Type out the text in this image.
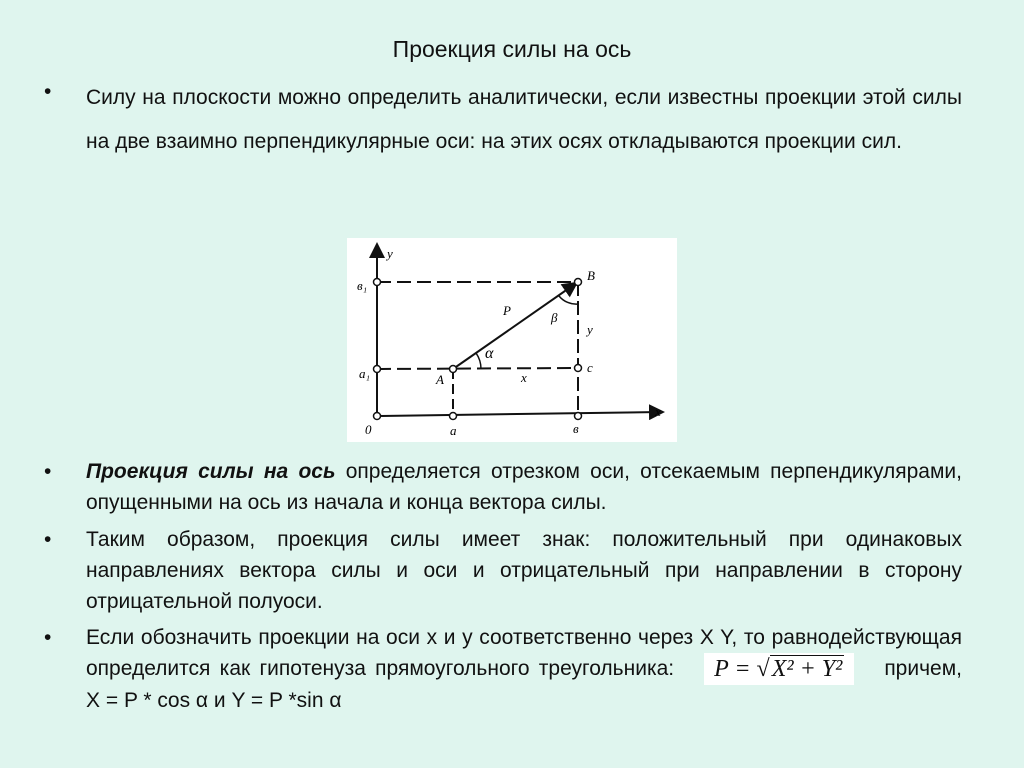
Проекция силы на ось
•	Силу на плоскости можно определить аналитически, если известны проекции этой силы на две взаимно перпендикулярные оси: на этих осях откладываются проекции сил.
y
x
0	a	в
a₁
в₁
A
B
c
P
α
β
x
y
•	Проекция силы на ось определяется отрезком оси, отсекаемым перпендикулярами, опущенными на ось из начала и конца вектора силы.
•	Таким образом, проекция силы имеет знак: положительный при одинаковых направлениях вектора силы и оси и отрицательный при направлении в сторону отрицательной полуоси.
•	Если обозначить проекции на оси x и y соответственно через X Y, то равнодействующая определится как гипотенуза прямоугольного треугольника: P = √X² + Y² причем, X = P * cos α и Y = P *sin α
